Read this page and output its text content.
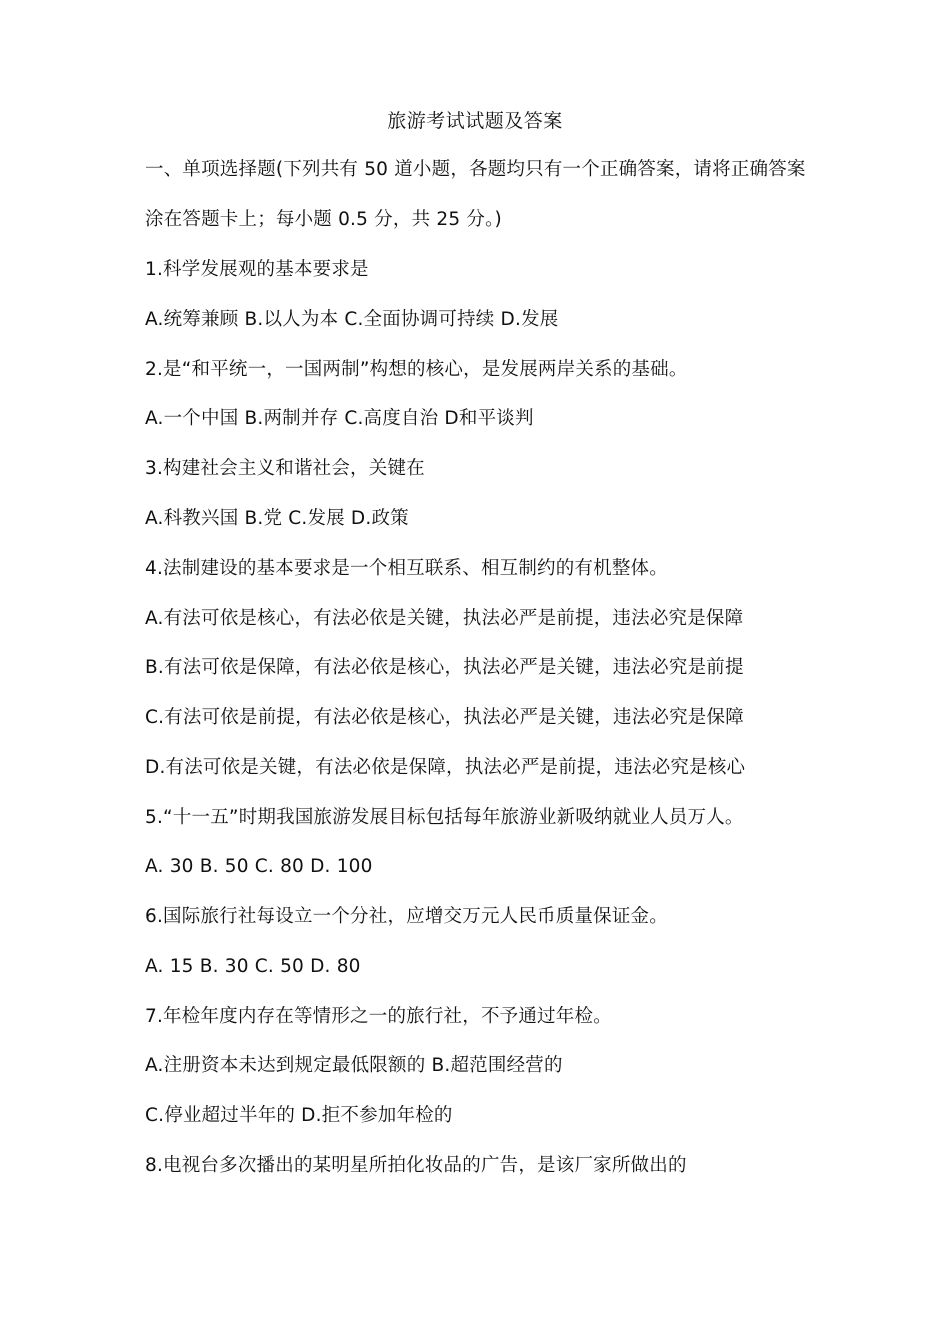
旅游考试试题及答案
一、单项选择题(下列共有 50 道小题，各题均只有一个正确答案，请将正确答案
涂在答题卡上；每小题 0.5 分，共 25 分。)
1.科学发展观的基本要求是
A.统筹兼顾 B.以人为本 C.全面协调可持续 D.发展
2.是“和平统一，一国两制”构想的核心，是发展两岸关系的基础。
A.一个中国 B.两制并存 C.高度自治 D和平谈判
3.构建社会主义和谐社会，关键在
A.科教兴国 B.党 C.发展 D.政策
4.法制建设的基本要求是一个相互联系、相互制约的有机整体。
A.有法可依是核心，有法必依是关键，执法必严是前提，违法必究是保障
B.有法可依是保障，有法必依是核心，执法必严是关键，违法必究是前提
C.有法可依是前提，有法必依是核心，执法必严是关键，违法必究是保障
D.有法可依是关键，有法必依是保障，执法必严是前提，违法必究是核心
5.“十一五”时期我国旅游发展目标包括每年旅游业新吸纳就业人员万人。
A. 30 B. 50 C. 80 D. 100
6.国际旅行社每设立一个分社，应增交万元人民币质量保证金。
A. 15 B. 30 C. 50 D. 80
7.年检年度内存在等情形之一的旅行社，不予通过年检。
A.注册资本未达到规定最低限额的 B.超范围经营的
C.停业超过半年的 D.拒不参加年检的
8.电视台多次播出的某明星所拍化妆品的广告，是该厂家所做出的
